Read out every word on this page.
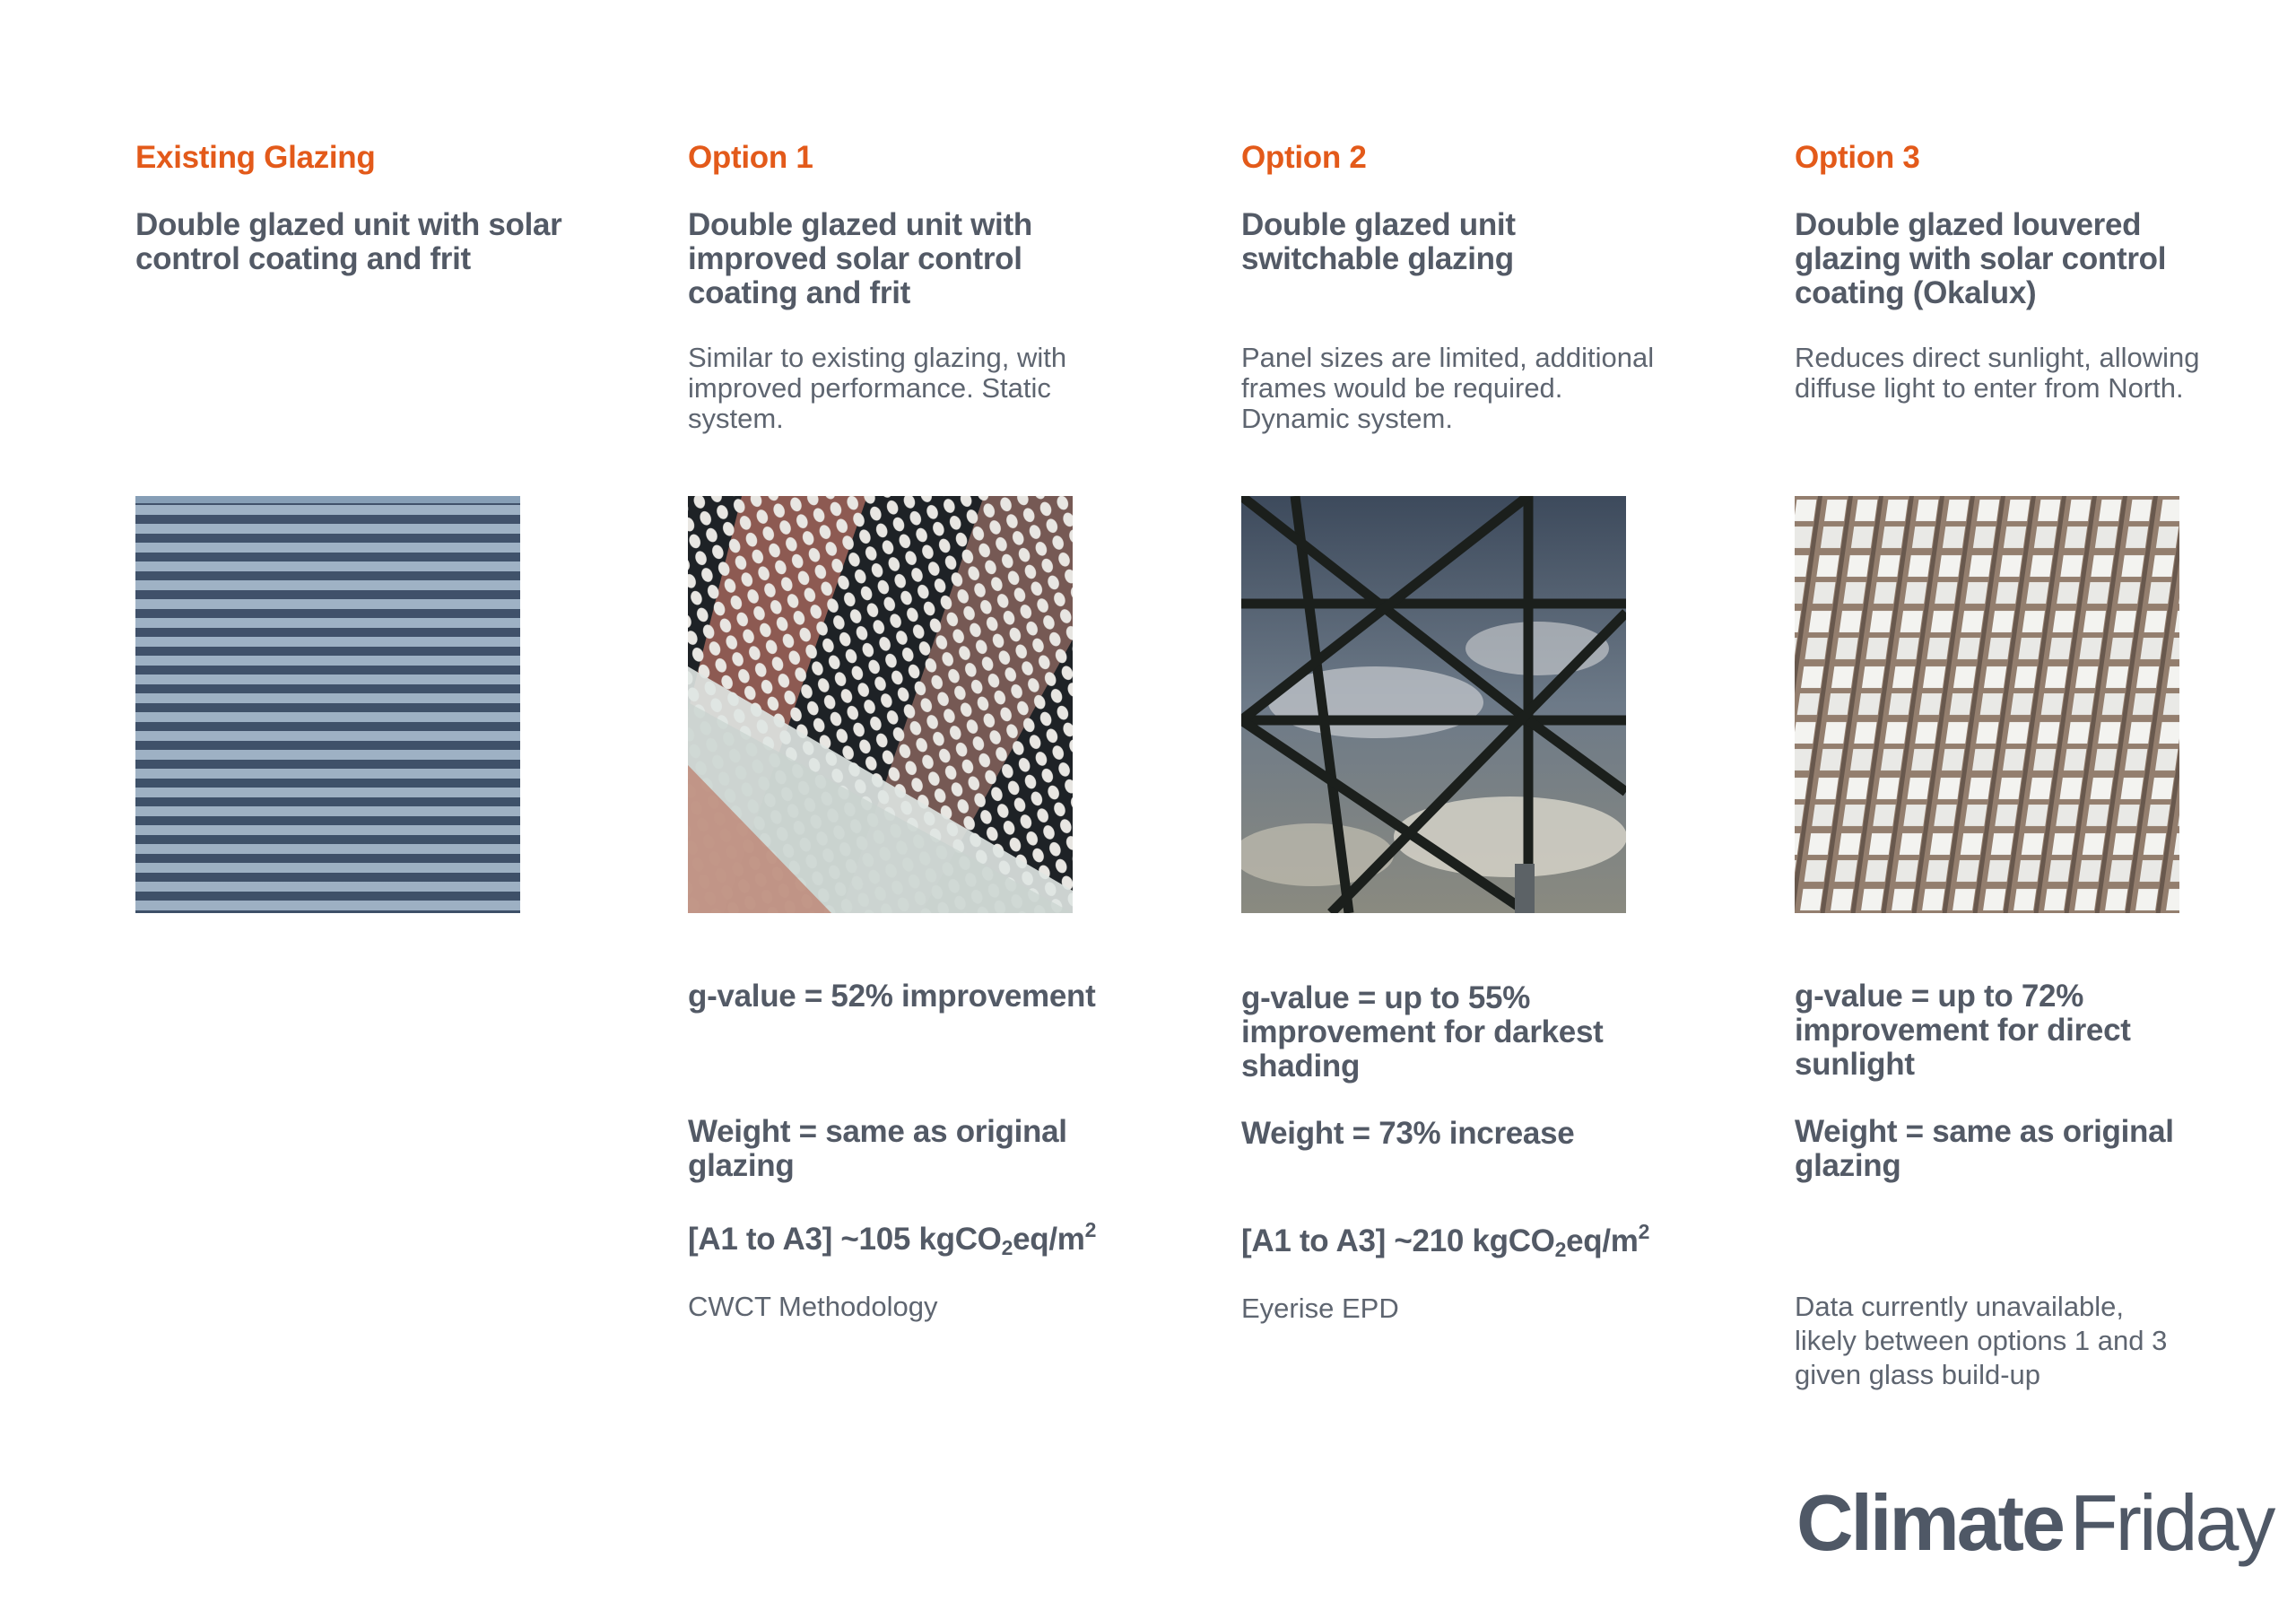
Existing Glazing
Double glazed unit with solar control coating and frit
Option 1
Double glazed unit with improved solar control coating and frit
Similar to existing glazing, with improved performance. Static system.
g-value = 52% improvement
Weight = same as original glazing
[A1 to A3] ~105 $kgCO_2eq/m^2$
CWCT Methodology
Option 2
Double glazed unit switchable glazing
Panel sizes are limited, additional frames would be required. Dynamic system.
g-value = up to 55% improvement for darkest shading
Weight = 73% increase
[A1 to A3] ~210 $kgCO_2eq/m^2$
Eyerise EPD
Option 3
Double glazed louvered glazing with solar control coating (Okalux)
Reduces direct sunlight, allowing diffuse light to enter from North.
g-value = up to 72% improvement for direct sunlight
Weight = same as original glazing
Data currently unavailable, likely between options 1 and 3 given glass build-up
ClimateFriday
